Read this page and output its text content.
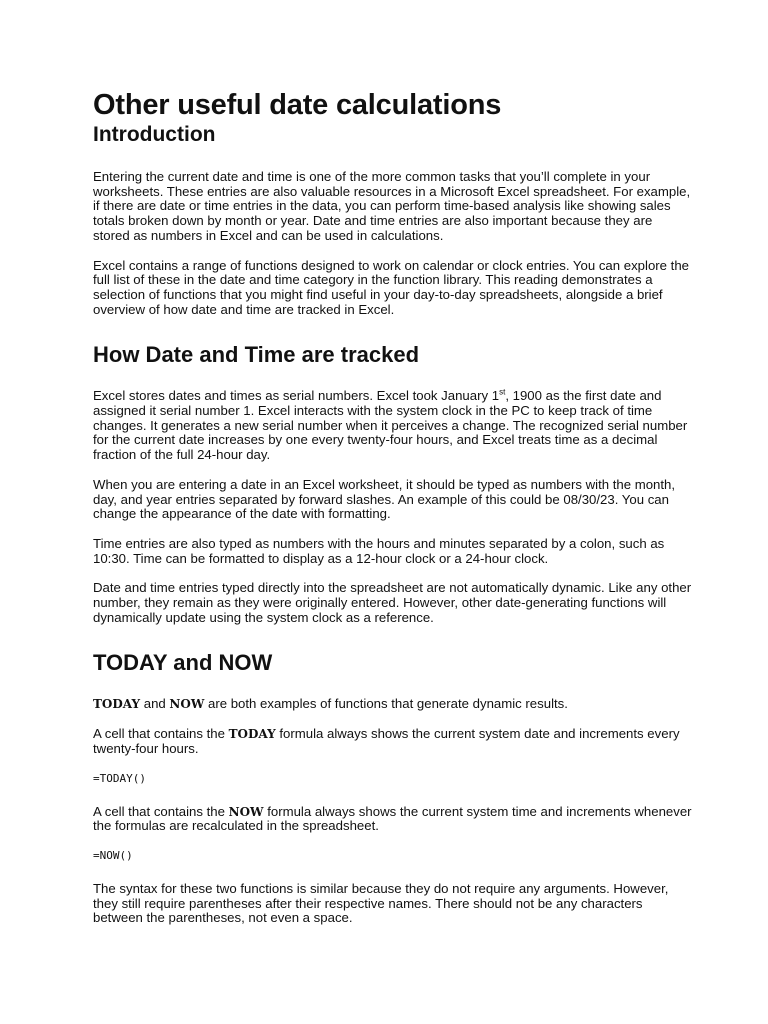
Other useful date calculations
Introduction

Entering the current date and time is one of the more common tasks that you’ll complete in your worksheets. These entries are also valuable resources in a Microsoft Excel spreadsheet. For example, if there are date or time entries in the data, you can perform time-based analysis like showing sales totals broken down by month or year. Date and time entries are also important because they are stored as numbers in Excel and can be used in calculations.

Excel contains a range of functions designed to work on calendar or clock entries. You can explore the full list of these in the date and time category in the function library. This reading demonstrates a selection of functions that you might find useful in your day-to-day spreadsheets, alongside a brief overview of how date and time are tracked in Excel.

How Date and Time are tracked

Excel stores dates and times as serial numbers. Excel took January 1st, 1900 as the first date and assigned it serial number 1. Excel interacts with the system clock in the PC to keep track of time changes. It generates a new serial number when it perceives a change. The recognized serial number for the current date increases by one every twenty-four hours, and Excel treats time as a decimal fraction of the full 24-hour day.

When you are entering a date in an Excel worksheet, it should be typed as numbers with the month, day, and year entries separated by forward slashes. An example of this could be 08/30/23. You can change the appearance of the date with formatting.

Time entries are also typed as numbers with the hours and minutes separated by a colon, such as 10:30. Time can be formatted to display as a 12-hour clock or a 24-hour clock.

Date and time entries typed directly into the spreadsheet are not automatically dynamic. Like any other number, they remain as they were originally entered. However, other date-generating functions will dynamically update using the system clock as a reference.

TODAY and NOW

TODAY and NOW are both examples of functions that generate dynamic results.

A cell that contains the TODAY formula always shows the current system date and increments every twenty-four hours.

=TODAY()

A cell that contains the NOW formula always shows the current system time and increments whenever the formulas are recalculated in the spreadsheet.

=NOW()

The syntax for these two functions is similar because they do not require any arguments. However, they still require parentheses after their respective names. There should not be any characters between the parentheses, not even a space.
